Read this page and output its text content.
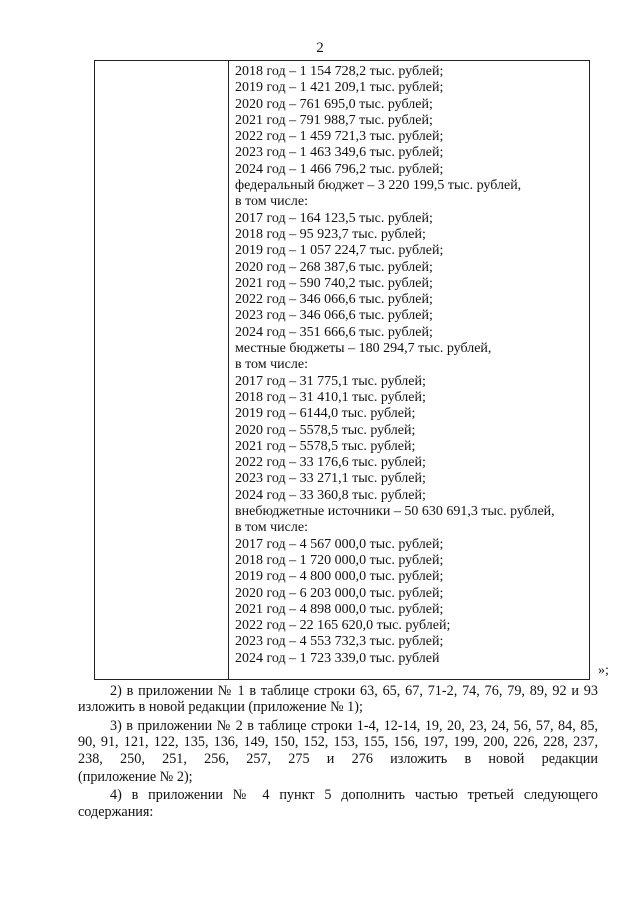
2

2018 год – 1 154 728,2 тыс. рублей;
2019 год – 1 421 209,1 тыс. рублей;
2020 год – 761 695,0 тыс. рублей;
2021 год – 791 988,7 тыс. рублей;
2022 год – 1 459 721,3 тыс. рублей;
2023 год – 1 463 349,6 тыс. рублей;
2024 год – 1 466 796,2 тыс. рублей;
федеральный бюджет – 3 220 199,5 тыс. рублей,
в том числе:
2017 год – 164 123,5 тыс. рублей;
2018 год – 95 923,7 тыс. рублей;
2019 год – 1 057 224,7 тыс. рублей;
2020 год – 268 387,6 тыс. рублей;
2021 год – 590 740,2 тыс. рублей;
2022 год – 346 066,6 тыс. рублей;
2023 год – 346 066,6 тыс. рублей;
2024 год – 351 666,6 тыс. рублей;
местные бюджеты – 180 294,7 тыс. рублей,
в том числе:
2017 год – 31 775,1 тыс. рублей;
2018 год – 31 410,1 тыс. рублей;
2019 год – 6144,0 тыс. рублей;
2020 год – 5578,5 тыс. рублей;
2021 год – 5578,5 тыс. рублей;
2022 год – 33 176,6 тыс. рублей;
2023 год – 33 271,1 тыс. рублей;
2024 год – 33 360,8 тыс. рублей;
внебюджетные источники – 50 630 691,3 тыс. рублей,
в том числе:
2017 год – 4 567 000,0 тыс. рублей;
2018 год – 1 720 000,0 тыс. рублей;
2019 год – 4 800 000,0 тыс. рублей;
2020 год – 6 203 000,0 тыс. рублей;
2021 год – 4 898 000,0 тыс. рублей;
2022 год – 22 165 620,0 тыс. рублей;
2023 год – 4 553 732,3 тыс. рублей;
2024 год – 1 723 339,0 тыс. рублей
»;

2) в приложении № 1 в таблице строки 63, 65, 67, 71-2, 74, 76, 79, 89, 92 и 93 изложить в новой редакции (приложение № 1);

3) в приложении № 2 в таблице строки 1-4, 12-14, 19, 20, 23, 24, 56, 57, 84, 85, 90, 91, 121, 122, 135, 136, 149, 150, 152, 153, 155, 156, 197, 199, 200, 226, 228, 237, 238, 250, 251, 256, 257, 275 и 276 изложить в новой редакции

(приложение № 2);

4) в приложении № 4 пункт 5 дополнить частью третьей следующего содержания:
